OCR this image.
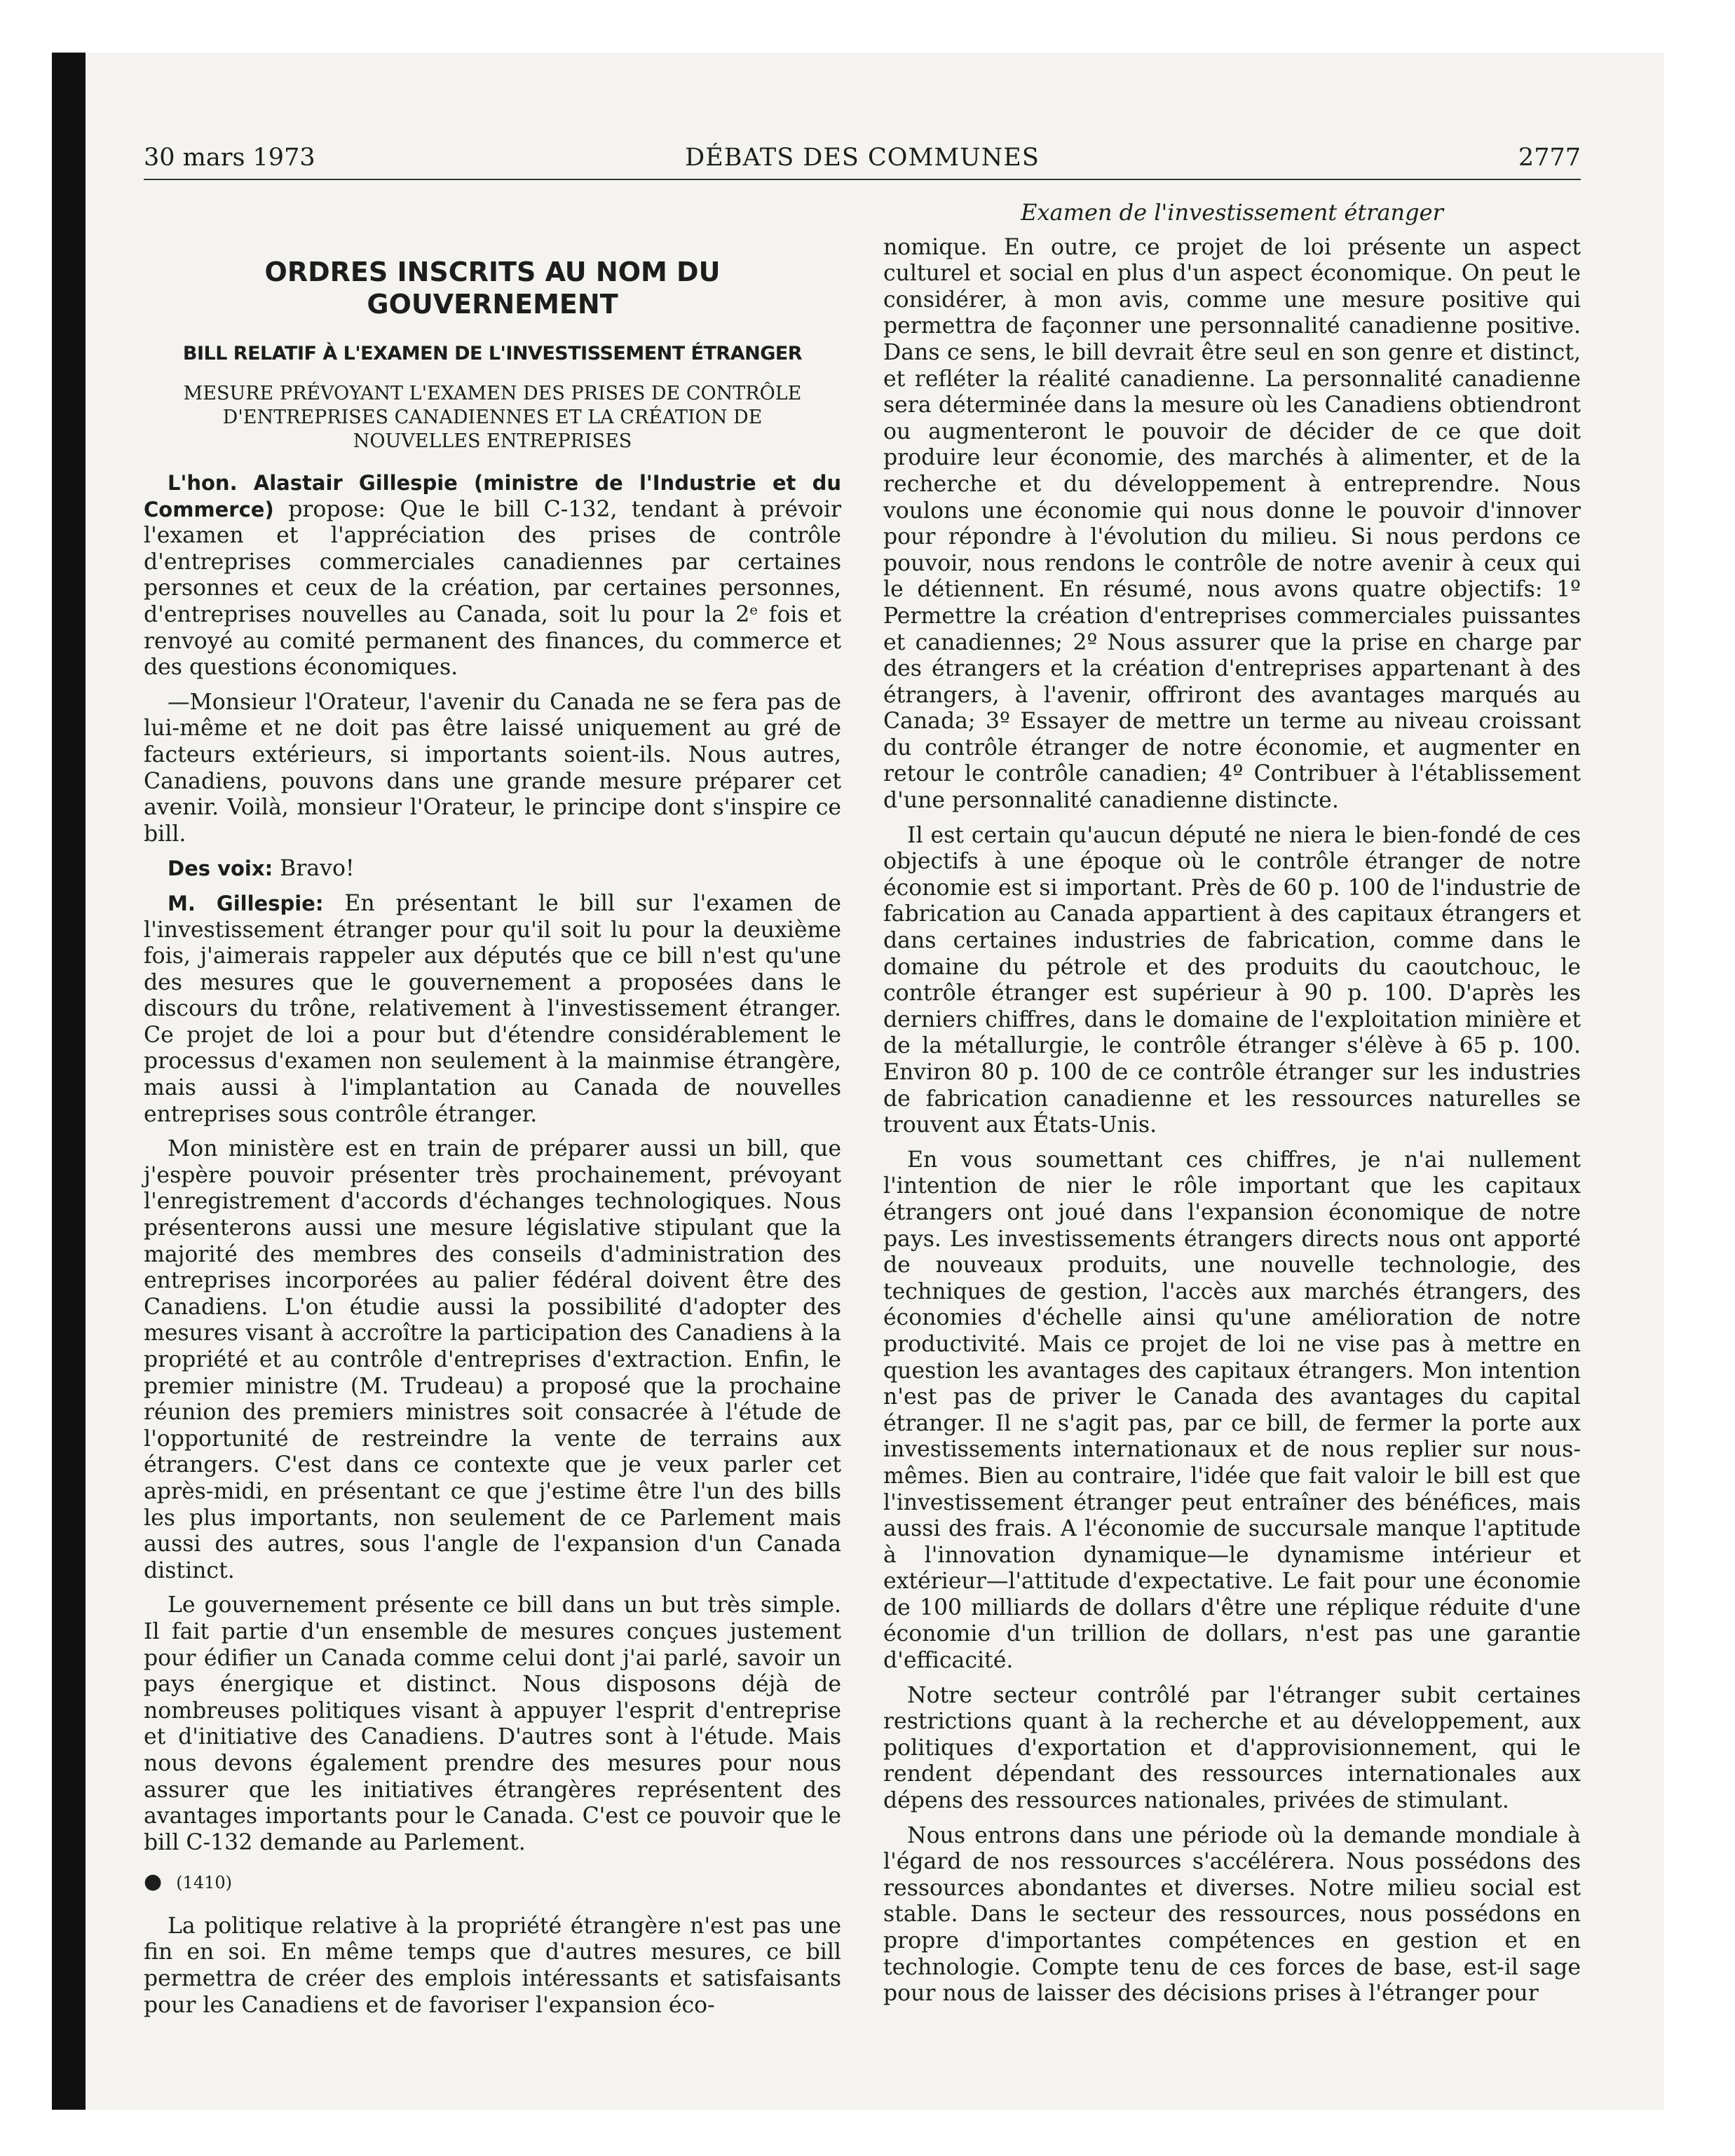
30 mars 1973	DÉBATS DES COMMUNES	2777
ORDRES INSCRITS AU NOM DU GOUVERNEMENT
BILL RELATIF À L'EXAMEN DE L'INVESTISSEMENT ÉTRANGER
MESURE PRÉVOYANT L'EXAMEN DES PRISES DE CONTRÔLE D'ENTREPRISES CANADIENNES ET LA CRÉATION DE NOUVELLES ENTREPRISES

L'hon. Alastair Gillespie (ministre de l'Industrie et du Commerce) propose: Que le bill C-132, tendant à prévoir l'examen et l'appréciation des prises de contrôle d'entreprises commerciales canadiennes par certaines personnes et ceux de la création, par certaines personnes, d'entreprises nouvelles au Canada, soit lu pour la 2ᵉ fois et renvoyé au comité permanent des finances, du commerce et des questions économiques.

—Monsieur l'Orateur, l'avenir du Canada ne se fera pas de lui-même et ne doit pas être laissé uniquement au gré de facteurs extérieurs, si importants soient-ils. Nous autres, Canadiens, pouvons dans une grande mesure préparer cet avenir. Voilà, monsieur l'Orateur, le principe dont s'inspire ce bill.

Des voix: Bravo!

M. Gillespie: En présentant le bill sur l'examen de l'investissement étranger pour qu'il soit lu pour la deuxième fois, j'aimerais rappeler aux députés que ce bill n'est qu'une des mesures que le gouvernement a proposées dans le discours du trône, relativement à l'investissement étranger. Ce projet de loi a pour but d'étendre considérablement le processus d'examen non seulement à la mainmise étrangère, mais aussi à l'implantation au Canada de nouvelles entreprises sous contrôle étranger.

Mon ministère est en train de préparer aussi un bill, que j'espère pouvoir présenter très prochainement, prévoyant l'enregistrement d'accords d'échanges technologiques. Nous présenterons aussi une mesure législative stipulant que la majorité des membres des conseils d'administration des entreprises incorporées au palier fédéral doivent être des Canadiens. L'on étudie aussi la possibilité d'adopter des mesures visant à accroître la participation des Canadiens à la propriété et au contrôle d'entreprises d'extraction. Enfin, le premier ministre (M. Trudeau) a proposé que la prochaine réunion des premiers ministres soit consacrée à l'étude de l'opportunité de restreindre la vente de terrains aux étrangers. C'est dans ce contexte que je veux parler cet après-midi, en présentant ce que j'estime être l'un des bills les plus importants, non seulement de ce Parlement mais aussi des autres, sous l'angle de l'expansion d'un Canada distinct.

Le gouvernement présente ce bill dans un but très simple. Il fait partie d'un ensemble de mesures conçues justement pour édifier un Canada comme celui dont j'ai parlé, savoir un pays énergique et distinct. Nous disposons déjà de nombreuses politiques visant à appuyer l'esprit d'entreprise et d'initiative des Canadiens. D'autres sont à l'étude. Mais nous devons également prendre des mesures pour nous assurer que les initiatives étrangères représentent des avantages importants pour le Canada. C'est ce pouvoir que le bill C-132 demande au Parlement.

● (1410)

La politique relative à la propriété étrangère n'est pas une fin en soi. En même temps que d'autres mesures, ce bill permettra de créer des emplois intéressants et satisfaisants pour les Canadiens et de favoriser l'expansion éco-

Examen de l'investissement étranger

nomique. En outre, ce projet de loi présente un aspect culturel et social en plus d'un aspect économique. On peut le considérer, à mon avis, comme une mesure positive qui permettra de façonner une personnalité canadienne positive. Dans ce sens, le bill devrait être seul en son genre et distinct, et refléter la réalité canadienne. La personnalité canadienne sera déterminée dans la mesure où les Canadiens obtiendront ou augmenteront le pouvoir de décider de ce que doit produire leur économie, des marchés à alimenter, et de la recherche et du développement à entreprendre. Nous voulons une économie qui nous donne le pouvoir d'innover pour répondre à l'évolution du milieu. Si nous perdons ce pouvoir, nous rendons le contrôle de notre avenir à ceux qui le détiennent. En résumé, nous avons quatre objectifs: 1º Permettre la création d'entreprises commerciales puissantes et canadiennes; 2º Nous assurer que la prise en charge par des étrangers et la création d'entreprises appartenant à des étrangers, à l'avenir, offriront des avantages marqués au Canada; 3º Essayer de mettre un terme au niveau croissant du contrôle étranger de notre économie, et augmenter en retour le contrôle canadien; 4º Contribuer à l'établissement d'une personnalité canadienne distincte.

Il est certain qu'aucun député ne niera le bien-fondé de ces objectifs à une époque où le contrôle étranger de notre économie est si important. Près de 60 p. 100 de l'industrie de fabrication au Canada appartient à des capitaux étrangers et dans certaines industries de fabrication, comme dans le domaine du pétrole et des produits du caoutchouc, le contrôle étranger est supérieur à 90 p. 100. D'après les derniers chiffres, dans le domaine de l'exploitation minière et de la métallurgie, le contrôle étranger s'élève à 65 p. 100. Environ 80 p. 100 de ce contrôle étranger sur les industries de fabrication canadienne et les ressources naturelles se trouvent aux États-Unis.

En vous soumettant ces chiffres, je n'ai nullement l'intention de nier le rôle important que les capitaux étrangers ont joué dans l'expansion économique de notre pays. Les investissements étrangers directs nous ont apporté de nouveaux produits, une nouvelle technologie, des techniques de gestion, l'accès aux marchés étrangers, des économies d'échelle ainsi qu'une amélioration de notre productivité. Mais ce projet de loi ne vise pas à mettre en question les avantages des capitaux étrangers. Mon intention n'est pas de priver le Canada des avantages du capital étranger. Il ne s'agit pas, par ce bill, de fermer la porte aux investissements internationaux et de nous replier sur nous-mêmes. Bien au contraire, l'idée que fait valoir le bill est que l'investissement étranger peut entraîner des bénéfices, mais aussi des frais. A l'économie de succursale manque l'aptitude à l'innovation dynamique—le dynamisme intérieur et extérieur—l'attitude d'expectative. Le fait pour une économie de 100 milliards de dollars d'être une réplique réduite d'une économie d'un trillion de dollars, n'est pas une garantie d'efficacité.

Notre secteur contrôlé par l'étranger subit certaines restrictions quant à la recherche et au développement, aux politiques d'exportation et d'approvisionnement, qui le rendent dépendant des ressources internationales aux dépens des ressources nationales, privées de stimulant.

Nous entrons dans une période où la demande mondiale à l'égard de nos ressources s'accélérera. Nous possédons des ressources abondantes et diverses. Notre milieu social est stable. Dans le secteur des ressources, nous possédons en propre d'importantes compétences en gestion et en technologie. Compte tenu de ces forces de base, est-il sage pour nous de laisser des décisions prises à l'étranger pour
